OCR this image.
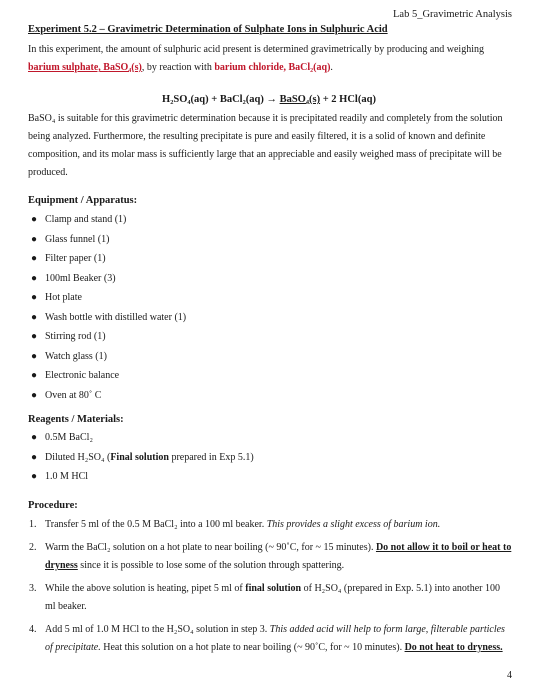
Lab 5_Gravimetric Analysis
Experiment 5.2 – Gravimetric Determination of Sulphate Ions in Sulphuric Acid
In this experiment, the amount of sulphuric acid present is determined gravimetrically by producing and weighing barium sulphate, BaSO₄(s), by reaction with barium chloride, BaCl₂(aq).
H₂SO₄(aq) + BaCl₂(aq) → BaSO₄(s) + 2 HCl(aq)
BaSO₄ is suitable for this gravimetric determination because it is precipitated readily and completely from the solution being analyzed. Furthermore, the resulting precipitate is pure and easily filtered, it is a solid of known and definite composition, and its molar mass is sufficiently large that an appreciable and easily weighed mass of precipitate will be produced.
Equipment / Apparatus:
● Clamp and stand (1)
● Glass funnel (1)
● Filter paper (1)
● 100ml Beaker (3)
● Hot plate
● Wash bottle with distilled water (1)
● Stirring rod (1)
● Watch glass (1)
● Electronic balance
● Oven at 80˚ C
Reagents / Materials:
● 0.5M BaCl₂
● Diluted H₂SO₄ (Final solution prepared in Exp 5.1)
● 1.0 M HCl
Procedure:
1. Transfer 5 ml of the 0.5 M BaCl₂ into a 100 ml beaker. This provides a slight excess of barium ion.
2. Warm the BaCl₂ solution on a hot plate to near boiling (~ 90˚C, for ~ 15 minutes). Do not allow it to boil or heat to dryness since it is possible to lose some of the solution through spattering.
3. While the above solution is heating, pipet 5 ml of final solution of H₂SO₄ (prepared in Exp. 5.1) into another 100 ml beaker.
4. Add 5 ml of 1.0 M HCl to the H₂SO₄ solution in step 3. This added acid will help to form large, filterable particles of precipitate. Heat this solution on a hot plate to near boiling (~ 90˚C, for ~ 10 minutes). Do not heat to dryness.
4
